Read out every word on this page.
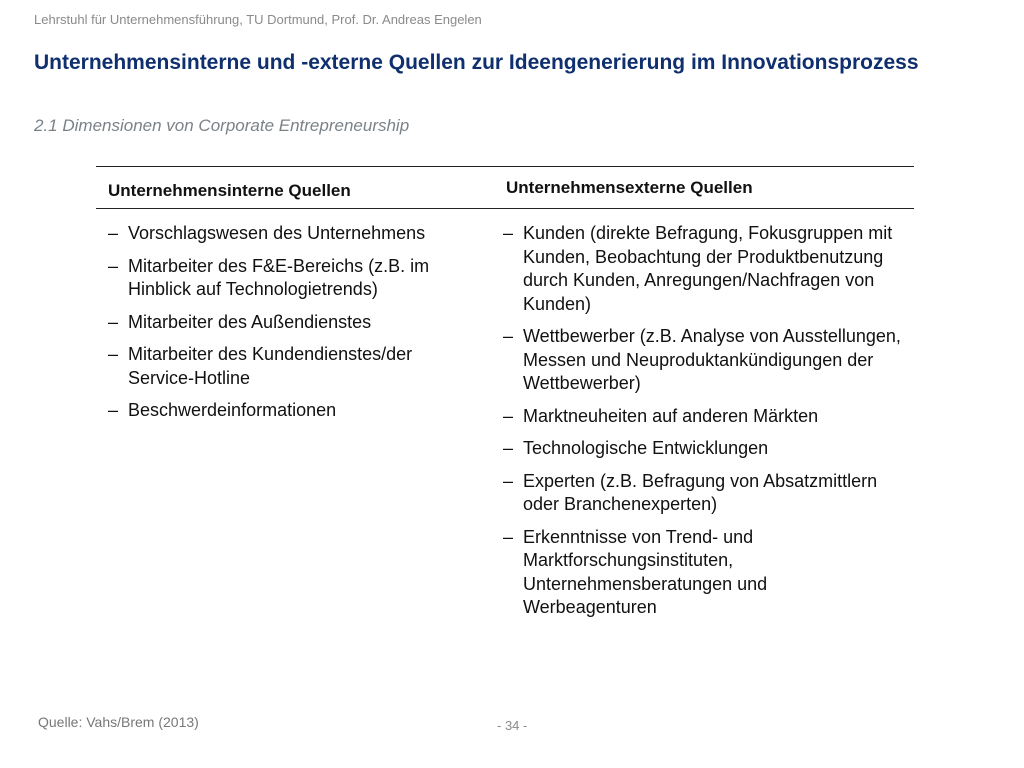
Lehrstuhl für Unternehmensführung, TU Dortmund, Prof. Dr. Andreas Engelen
Unternehmensinterne und -externe Quellen zur Ideengenerierung im Innovationsprozess
2.1 Dimensionen von Corporate Entrepreneurship
Unternehmensinterne Quellen	Unternehmensexterne Quellen
– Vorschlagswesen des Unternehmens
– Mitarbeiter des F&E-Bereichs (z.B. im Hinblick auf Technologietrends)
– Mitarbeiter des Außendienstes
– Mitarbeiter des Kundendienstes/der Service-Hotline
– Beschwerdeinformationen
– Kunden (direkte Befragung, Fokusgruppen mit Kunden, Beobachtung der Produktbenutzung durch Kunden, Anregungen/Nachfragen von Kunden)
– Wettbewerber (z.B. Analyse von Ausstellungen, Messen und Neuproduktankündigungen der Wettbewerber)
– Marktneuheiten auf anderen Märkten
– Technologische Entwicklungen
– Experten (z.B. Befragung von Absatzmittlern oder Branchenexperten)
– Erkenntnisse von Trend- und Marktforschungsinstituten, Unternehmensberatungen und Werbeagenturen
Quelle: Vahs/Brem (2013)	- 34 -
